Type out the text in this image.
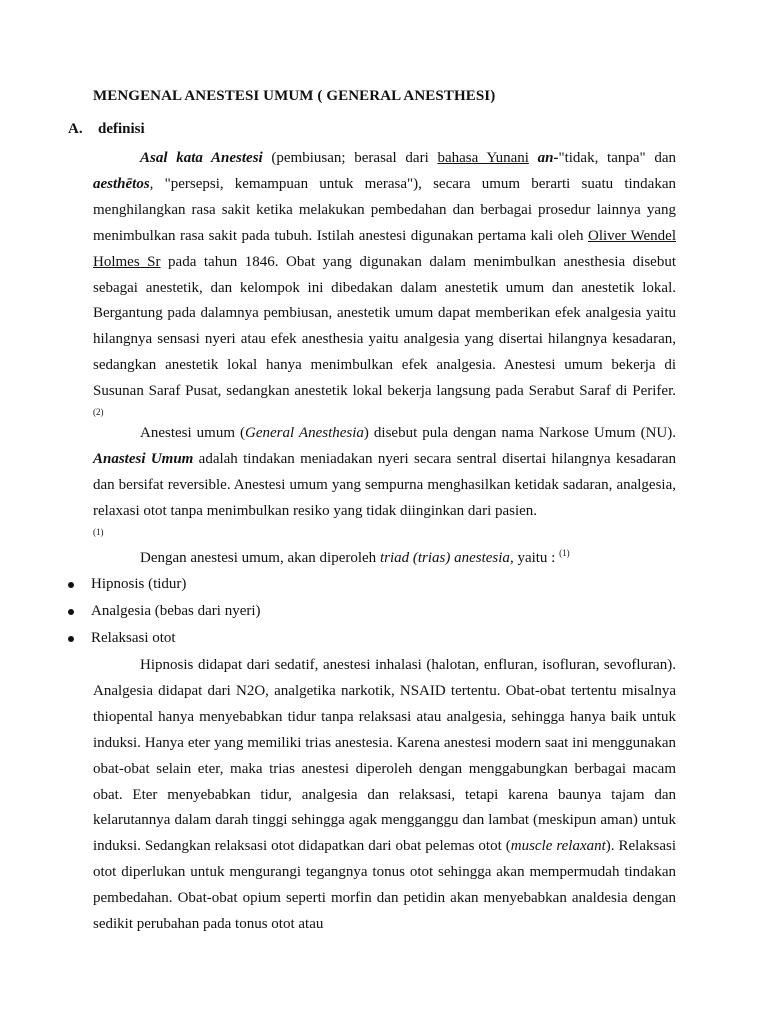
MENGENAL ANESTESI UMUM ( GENERAL ANESTHESI)
A. definisi
Asal kata Anestesi (pembiusan; berasal dari bahasa Yunani an-"tidak, tanpa" dan aesthētos, "persepsi, kemampuan untuk merasa"), secara umum berarti suatu tindakan menghilangkan rasa sakit ketika melakukan pembedahan dan berbagai prosedur lainnya yang menimbulkan rasa sakit pada tubuh. Istilah anestesi digunakan pertama kali oleh Oliver Wendel Holmes Sr pada tahun 1846. Obat yang digunakan dalam menimbulkan anesthesia disebut sebagai anestetik, dan kelompok ini dibedakan dalam anestetik umum dan anestetik lokal. Bergantung pada dalamnya pembiusan, anestetik umum dapat memberikan efek analgesia yaitu hilangnya sensasi nyeri atau efek anesthesia yaitu analgesia yang disertai hilangnya kesadaran, sedangkan anestetik lokal hanya menimbulkan efek analgesia. Anestesi umum bekerja di Susunan Saraf Pusat, sedangkan anestetik lokal bekerja langsung pada Serabut Saraf di Perifer. $^{(2)}$
Anestesi umum (General Anesthesia) disebut pula dengan nama Narkose Umum (NU). Anastesi Umum adalah tindakan meniadakan nyeri secara sentral disertai hilangnya kesadaran dan bersifat reversible. Anestesi umum yang sempurna menghasilkan ketidak sadaran, analgesia, relaxasi otot tanpa menimbulkan resiko yang tidak diinginkan dari pasien.
(1)
Dengan anestesi umum, akan diperoleh triad (trias) anestesia, yaitu : $^{(1)}$
Hipnosis (tidur)
Analgesia (bebas dari nyeri)
Relaksasi otot
Hipnosis didapat dari sedatif, anestesi inhalasi (halotan, enfluran, isofluran, sevofluran). Analgesia didapat dari N2O, analgetika narkotik, NSAID tertentu. Obat-obat tertentu misalnya thiopental hanya menyebabkan tidur tanpa relaksasi atau analgesia, sehingga hanya baik untuk induksi. Hanya eter yang memiliki trias anestesia. Karena anestesi modern saat ini menggunakan obat-obat selain eter, maka trias anestesi diperoleh dengan menggabungkan berbagai macam obat. Eter menyebabkan tidur, analgesia dan relaksasi, tetapi karena baunya tajam dan kelarutannya dalam darah tinggi sehingga agak mengganggu dan lambat (meskipun aman) untuk induksi. Sedangkan relaksasi otot didapatkan dari obat pelemas otot (muscle relaxant). Relaksasi otot diperlukan untuk mengurangi tegangnya tonus otot sehingga akan mempermudah tindakan pembedahan. Obat-obat opium seperti morfin dan petidin akan menyebabkan analdesia dengan sedikit perubahan pada tonus otot atau
